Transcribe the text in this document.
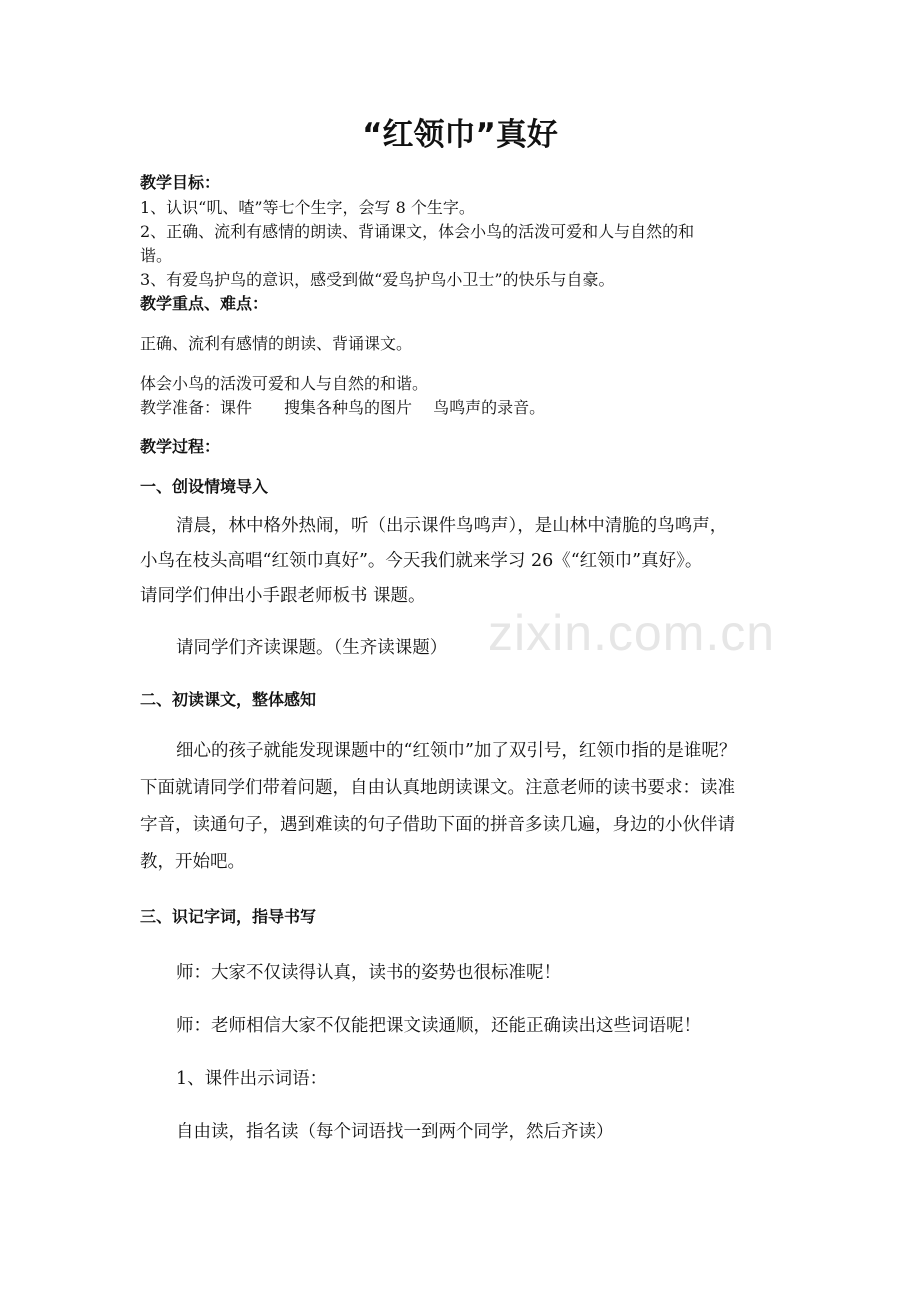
“红领巾”真好

教学目标：

1、认识“叽、喳”等七个生字，会写 8 个生字。

2、正确、流利有感情的朗读、背诵课文，体会小鸟的活泼可爱和人与自然的和

谐。

3、有爱鸟护鸟的意识，感受到做“爱鸟护鸟小卫士”的快乐与自豪。

教学重点、难点：

正确、流利有感情的朗读、背诵课文。

体会小鸟的活泼可爱和人与自然的和谐。

教学准备：课件　　搜集各种鸟的图片　 鸟鸣声的录音。

教学过程：

一、创设情境导入

清晨，林中格外热闹，听（出示课件鸟鸣声），是山林中清脆的鸟鸣声，

小鸟在枝头高唱“红领巾真好”。今天我们就来学习 26《“红领巾”真好》。

请同学们伸出小手跟老师板书 课题。

请同学们齐读课题。（生齐读课题）

二、初读课文，整体感知

细心的孩子就能发现课题中的“红领巾”加了双引号，红领巾指的是谁呢？

下面就请同学们带着问题，自由认真地朗读课文。注意老师的读书要求：读准

字音，读通句子，遇到难读的句子借助下面的拼音多读几遍，身边的小伙伴请

教，开始吧。

三、识记字词，指导书写

师：大家不仅读得认真，读书的姿势也很标准呢！

师：老师相信大家不仅能把课文读通顺，还能正确读出这些词语呢！

1、课件出示词语：

自由读，指名读（每个词语找一到两个同学，然后齐读）

zixin.com.cn
